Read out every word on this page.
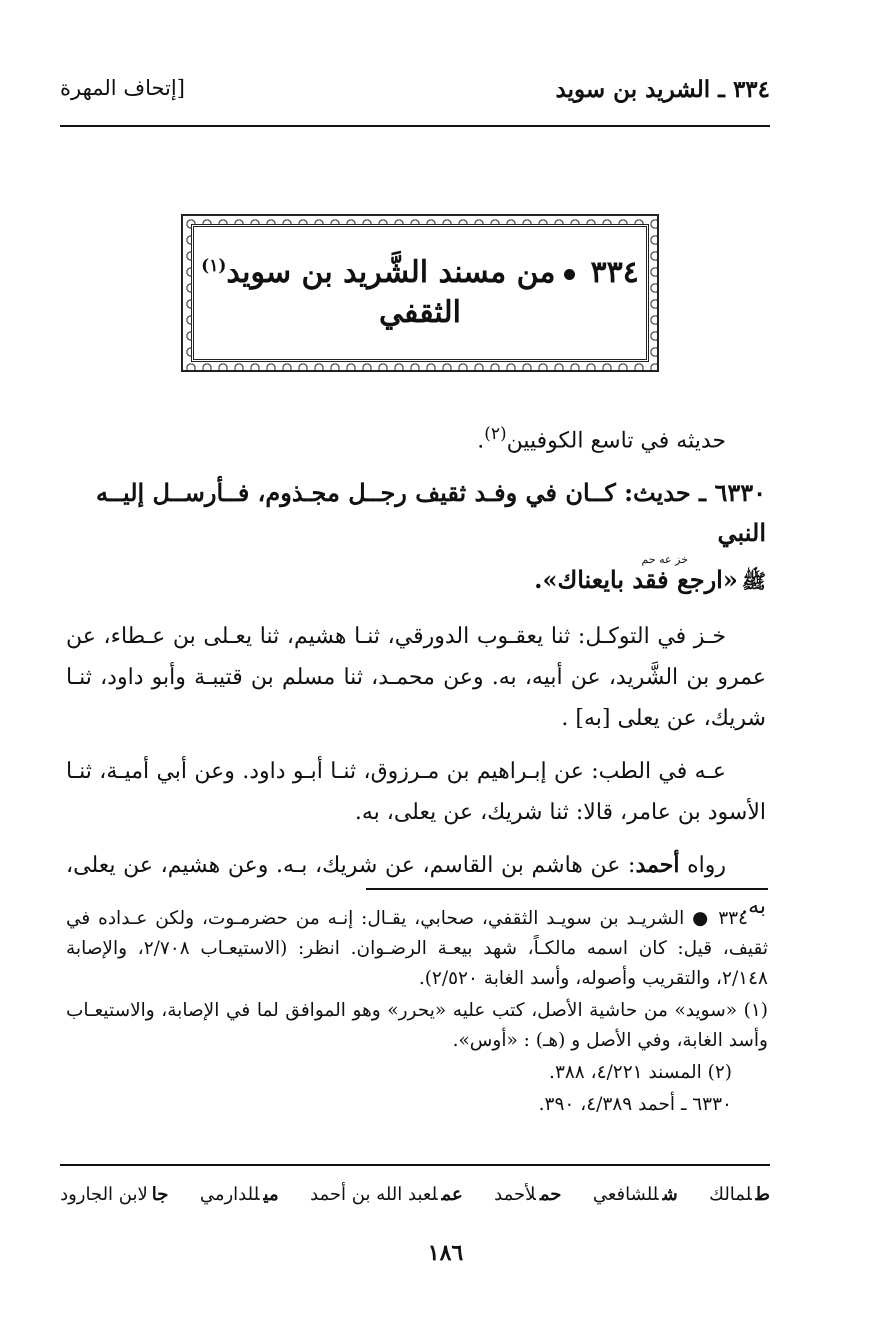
٣٣٤ ـ الشريد بن سويد
[إتحاف المهرة
٣٣٤من مسند الشَّريد بن سويد$^{(١)}$
الثقفي

حديثه في تاسع الكوفيين$^{(٢)}$.

٦٣٣٠ ـ حديث: كــان في وفـد ثقيف رجــل مجـذوم، فــأرســل إليــه النبي

خز عه حم
ﷺ«ارجع فقد بايعناك».

خـز في التوكـل: ثنا يعقـوب الدورقي، ثنـا هشيم، ثنا يعـلى بن عـطاء، عن عمرو بن الشَّريد، عن أبيه، به. وعن محمـد، ثنا مسلم بن قتيبـة وأبو داود، ثنـا شريك، عن يعلى [به] .

عـه في الطب: عن إبـراهيم بن مـرزوق، ثنـا أبـو داود. وعن أبي أميـة، ثنـا الأسود بن عامر، قالا: ثنا شريك، عن يعلى، به.

رواه أحمد: عن هاشم بن القاسم، عن شريك، بـه. وعن هشيم، عن يعلى، به.

٣٣٤ ● الشريـد بن سويـد الثقفي، صحابي، يقـال: إنـه من حضرمـوت، ولكن عـداده في ثقيف، قيل: كان اسمه مالكـاً، شهد بيعـة الرضـوان. انظر: (الاستيعـاب ٢/٧٠٨، والإصابة ٢/١٤٨، والتقريب وأصوله، وأسد الغابة ٢/٥٢٠).

(١) «سويد» من حاشية الأصل، كتب عليه «يحرر» وهو الموافق لما في الإصابة، والاستيعـاب وأسد الغابة، وفي الأصل و (هـ) : «أوس».

(٢) المسند ٤/٢٢١، ٣٨٨.

٦٣٣٠ ـ أحمد ٤/٣٨٩، ٣٩٠.

طلمالك
شللشافعي
حملأحمد
عملعبد الله بن أحمد
ميللدارمي
جالابن الجارود
١٨٦
